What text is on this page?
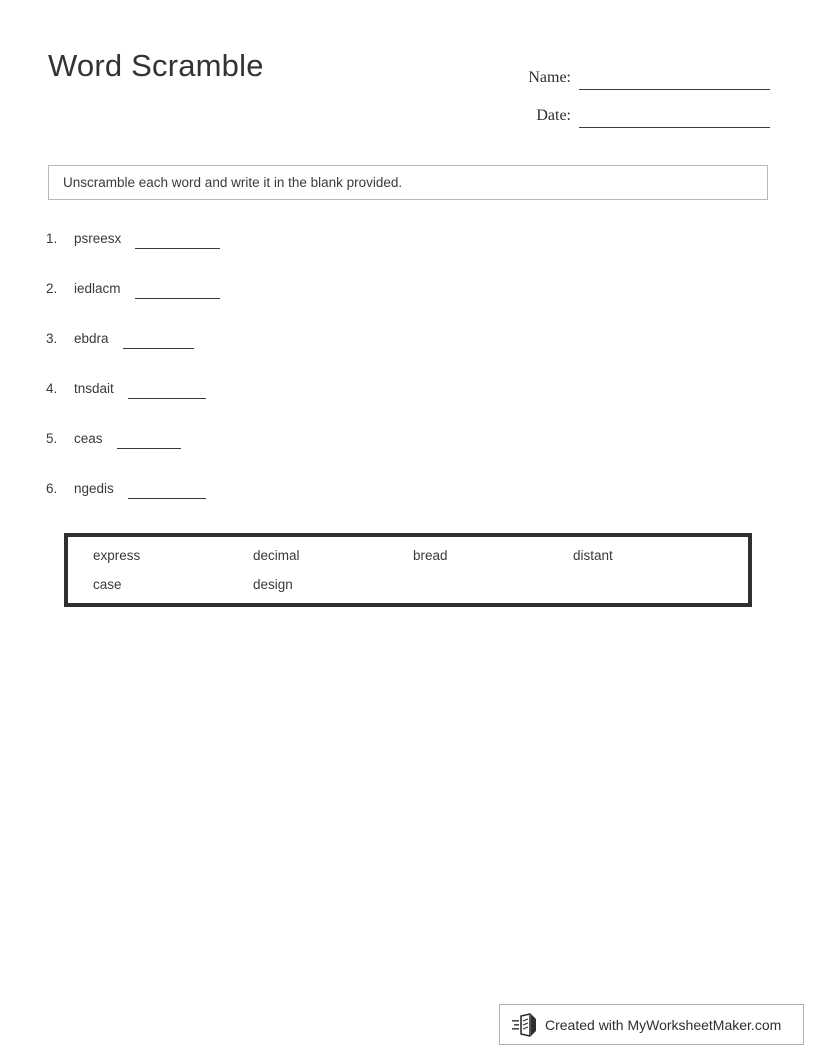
Word Scramble	Name:
Date:
Unscramble each word and write it in the blank provided.
1.	psreesx
2.	iedlacm
3.	ebdra
4.	tnsdait
5.	ceas
6.	ngedis
express	decimal	bread	distant
case	design
Created with MyWorksheetMaker.com
